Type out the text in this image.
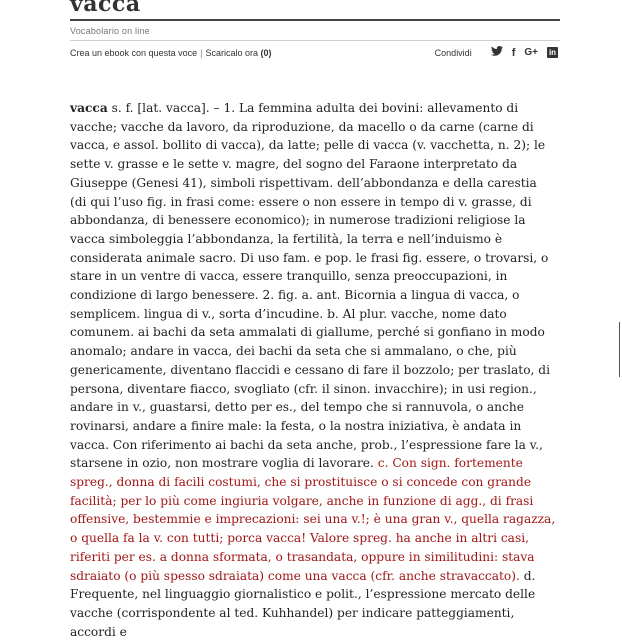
vacca
Vocabolario on line
Crea un ebook con questa voce | Scaricalo ora (0)	Condividi	f G+ in

vacca s. f. [lat. vacca]. – 1. La femmina adulta dei bovini: allevamento di vacche; vacche da lavoro, da riproduzione, da macello o da carne (carne di vacca, e assol. bollito di vacca), da latte; pelle di vacca (v. vacchetta, n. 2); le sette v. grasse e le sette v. magre, del sogno del Faraone interpretato da Giuseppe (Genesi 41), simboli rispettivam. dell’abbondanza e della carestia (di qui l’uso fig. in frasi come: essere o non essere in tempo di v. grasse, di abbondanza, di benessere economico); in numerose tradizioni religiose la vacca simboleggia l’abbondanza, la fertilità, la terra e nell’induismo è considerata animale sacro. Di uso fam. e pop. le frasi fig. essere, o trovarsi, o stare in un ventre di vacca, essere tranquillo, senza preoccupazioni, in condizione di largo benessere. 2. fig. a. ant. Bicornia a lingua di vacca, o semplicem. lingua di v., sorta d’incudine. b. Al plur. vacche, nome dato comunem. ai bachi da seta ammalati di giallume, perché si gonfiano in modo anomalo; andare in vacca, dei bachi da seta che si ammalano, o che, più genericamente, diventano flaccidi e cessano di fare il bozzolo; per traslato, di persona, diventare fiacco, svogliato (cfr. il sinon. invacchire); in usi region., andare in v., guastarsi, detto per es., del tempo che si rannuvola, o anche rovinarsi, andare a finire male: la festa, o la nostra iniziativa, è andata in vacca. Con riferimento ai bachi da seta anche, prob., l’espressione fare la v., starsene in ozio, non mostrare voglia di lavorare. c. Con sign. fortemente spreg., donna di facili costumi, che si prostituisce o si concede con grande facilità; per lo più come ingiuria volgare, anche in funzione di agg., di frasi offensive, bestemmie e imprecazioni: sei una v.!; è una gran v., quella ragazza, o quella fa la v. con tutti; porca vacca! Valore spreg. ha anche in altri casi, riferiti per es. a donna sformata, o trasandata, oppure in similitudini: stava sdraiato (o più spesso sdraiata) come una vacca (cfr. anche stravaccato). d. Frequente, nel linguaggio giornalistico e polit., l’espressione mercato delle vacche (corrispondente al ted. Kuhhandel) per indicare patteggiamenti, accordi e
